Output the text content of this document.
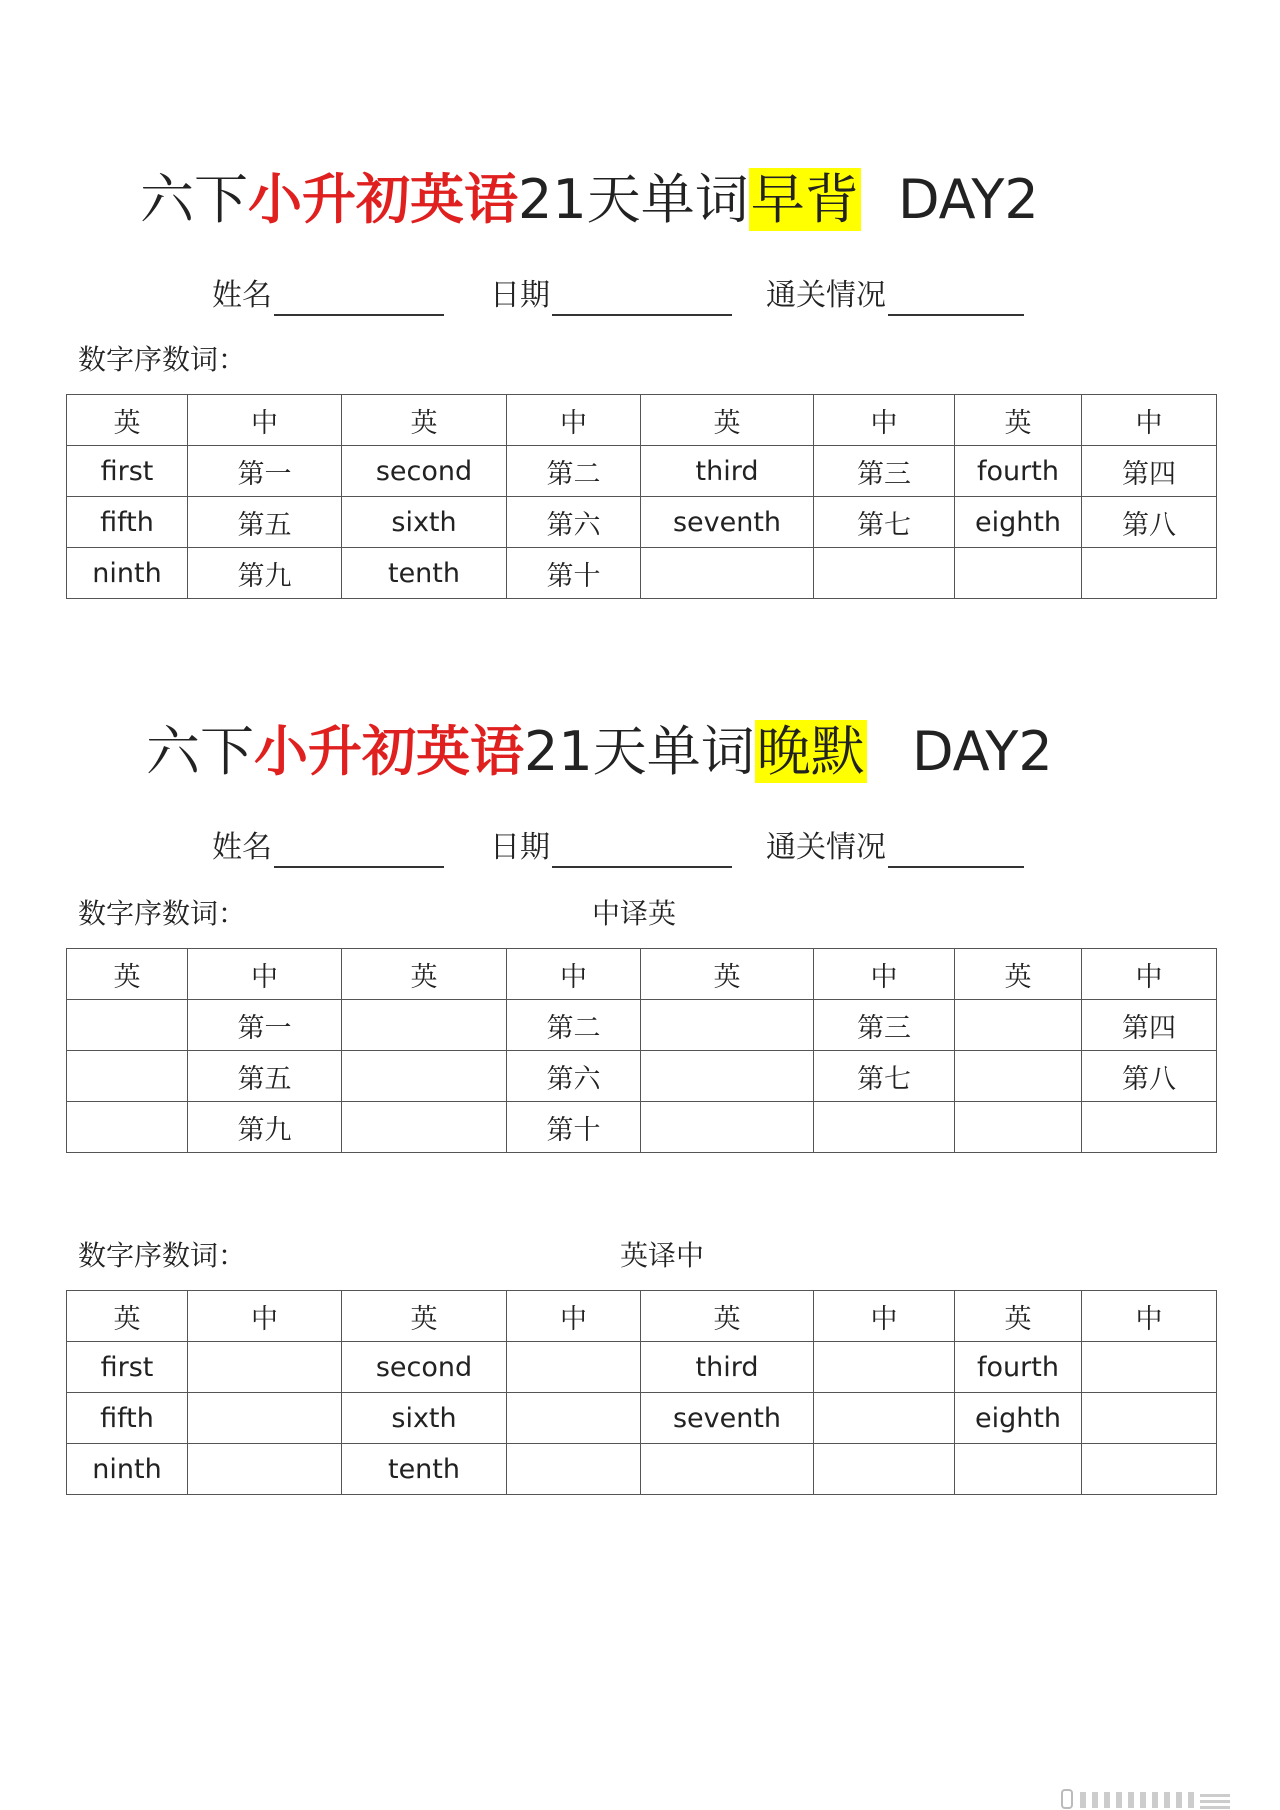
六下小升初英语21天单词早背 DAY2
姓名	日期	通关情况
数字序数词：
英	中	英	中	英	中	英	中
first	第一	second	第二	third	第三	fourth	第四
fifth	第五	sixth	第六	seventh	第七	eighth	第八
ninth	第九	tenth	第十				
六下小升初英语21天单词晚默 DAY2
姓名	日期	通关情况
数字序数词：	中译英
英	中	英	中	英	中	英	中
	第一		第二		第三		第四
	第五		第六		第七		第八
	第九		第十				
数字序数词：	英译中
英	中	英	中	英	中	英	中
first		second		third		fourth	
fifth		sixth		seventh		eighth	
ninth		tenth					
